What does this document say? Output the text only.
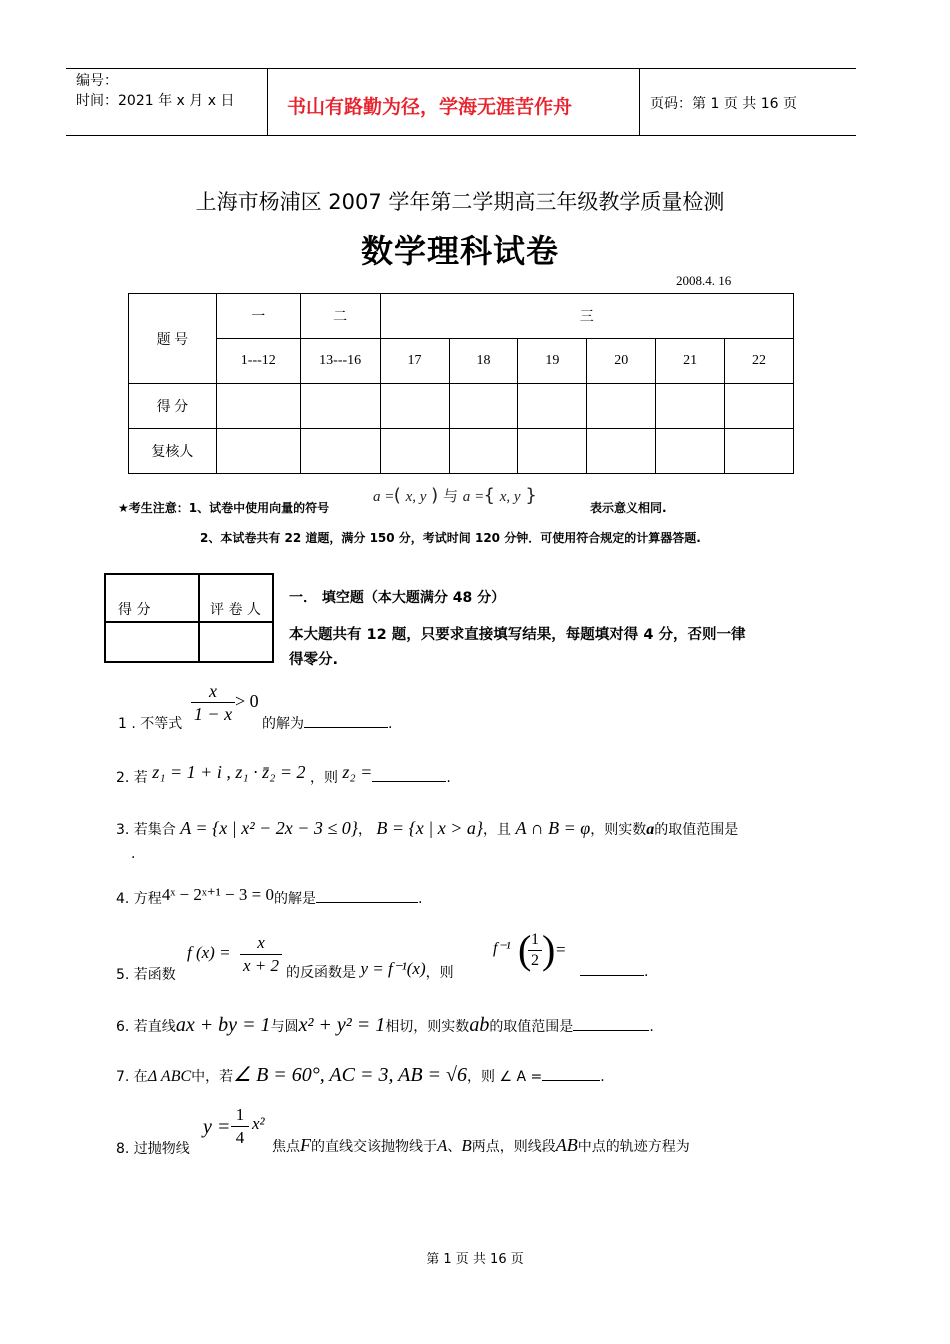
编号：
时间：2021 年 x 月 x 日	书山有路勤为径，学海无涯苦作舟	页码：第 1 页 共 16 页
上海市杨浦区 2007 学年第二学期高三年级教学质量检测
数学理科试卷
2008.4. 16
题 号	一	二	三					
	1---12	13---16	17	18	19	20	21	22
得 分								
复核人								
★考生注意：1、试卷中使用向量的符号
a =( x, y ) 与 a ={ x, y }
表示意义相同.
2、本试卷共有 22 道题，满分 150 分，考试时间 120 分钟．可使用符合规定的计算器答题.
得 分	评 卷 人

一． 填空题（本大题满分 48 分）
本大题共有 12 题，只要求直接填写结果，每题填对得 4 分，否则一律
得零分.
1 . 不等式
x
1 − x
> 0
的解为	.
2. 若 z₁ = 1 + i , z₁ · z̄₂ = 2 ，则 z₂ =	.
3. 若集合 A = {x | x² − 2x − 3 ≤ 0}， B = {x | x > a}，且 A ∩ B = φ，则实数a的取值范围是
.
4. 方程4ˣ − 2ˣ⁺¹ − 3 = 0的解是	.
5. 若函数
f (x) =
x
x + 2 的反函数是 y = f⁻¹(x)，则
f⁻¹ ( 1
2 ) =
.
6. 若直线ax + by = 1与圆x² + y² = 1相切，则实数ab的取值范围是	.
7. 在Δ ABC中，若∠ B = 60°, AC = 3, AB = √6，则 ∠ A =	.
8. 过抛物线
y =
1
4
x²
焦点F的直线交该抛物线于A、B两点，则线段AB中点的轨迹方程为
第 1 页 共 16 页
